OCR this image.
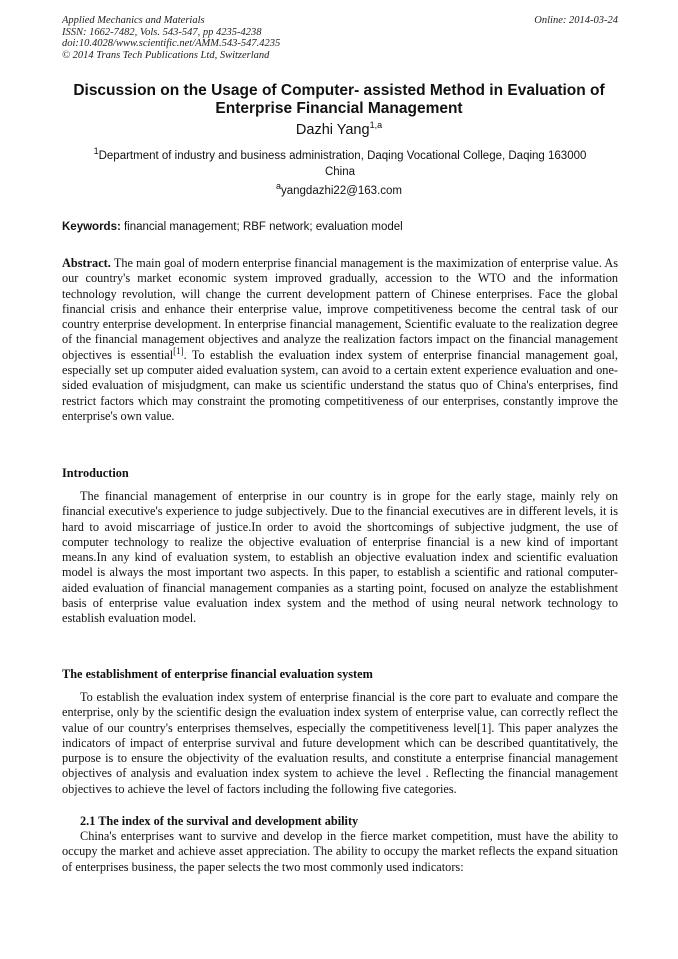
Applied Mechanics and Materials
ISSN: 1662-7482, Vols. 543-547, pp 4235-4238
doi:10.4028/www.scientific.net/AMM.543-547.4235
© 2014 Trans Tech Publications Ltd, Switzerland
Online: 2014-03-24
Discussion on the Usage of Computer- assisted Method in Evaluation of
Enterprise Financial Management
Dazhi Yang$^{1,a}$
$^1$Department of industry and business administration, Daqing Vocational College, Daqing 163000
China
$^a$yangdazhi22@163.com
Keywords: financial management; RBF network; evaluation model
Abstract. The main goal of modern enterprise financial management is the maximization of enterprise value. As our country's market economic system improved gradually, accession to the WTO and the information technology revolution, will change the current development pattern of Chinese enterprises. Face the global financial crisis and enhance their enterprise value, improve competitiveness become the central task of our country enterprise development. In enterprise financial management, Scientific evaluate to the realization degree of the financial management objectives and analyze the realization factors impact on the financial management objectives is essential[1]. To establish the evaluation index system of enterprise financial management goal, especially set up computer aided evaluation system, can avoid to a certain extent experience evaluation and one-sided evaluation of misjudgment, can make us scientific understand the status quo of China's enterprises, find restrict factors which may constraint the promoting competitiveness of our enterprises, constantly improve the enterprise's own value.
Introduction
The financial management of enterprise in our country is in grope for the early stage, mainly rely on financial executive's experience to judge subjectively. Due to the financial executives are in different levels, it is hard to avoid miscarriage of justice.In order to avoid the shortcomings of subjective judgment, the use of computer technology to realize the objective evaluation of enterprise financial is a new kind of important means.In any kind of evaluation system, to establish an objective evaluation index and scientific evaluation model is always the most important two aspects. In this paper, to establish a scientific and rational computer-aided evaluation of financial management companies as a starting point, focused on analyze the establishment basis of enterprise value evaluation index system and the method of using neural network technology to establish evaluation model.
The establishment of enterprise financial evaluation system
To establish the evaluation index system of enterprise financial is the core part to evaluate and compare the enterprise, only by the scientific design the evaluation index system of enterprise value, can correctly reflect the value of our country's enterprises themselves, especially the competitiveness level[1]. This paper analyzes the indicators of impact of enterprise survival and future development which can be described quantitatively, the purpose is to ensure the objectivity of the evaluation results, and constitute a enterprise financial management objectives of analysis and evaluation index system to achieve the level . Reflecting the financial management objectives to achieve the level of factors including the following five categories.
2.1 The index of the survival and development ability
China's enterprises want to survive and develop in the fierce market competition, must have the ability to occupy the market and achieve asset appreciation. The ability to occupy the market reflects the expand situation of enterprises business, the paper selects the two most commonly used indicators:
